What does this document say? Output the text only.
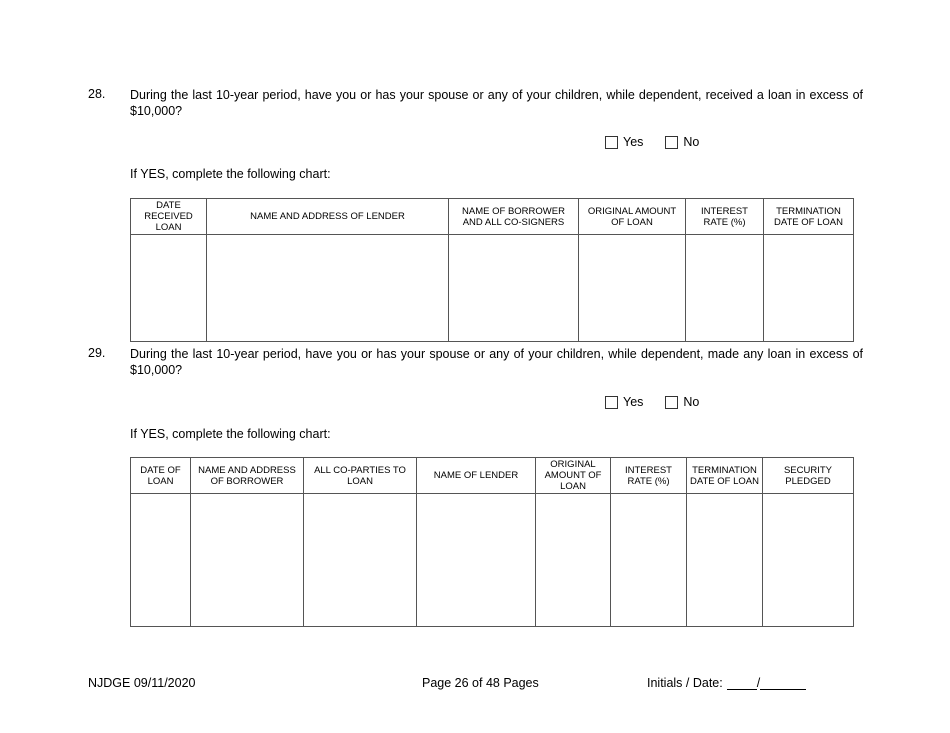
28. During the last 10-year period, have you or has your spouse or any of your children, while dependent, received a loan in excess of $10,000?
Yes	No
If YES, complete the following chart:
DATE RECEIVED LOAN	NAME AND ADDRESS OF LENDER	NAME OF BORROWER AND ALL CO-SIGNERS	ORIGINAL AMOUNT OF LOAN	INTEREST RATE (%)	TERMINATION DATE OF LOAN

29. During the last 10-year period, have you or has your spouse or any of your children, while dependent, made any loan in excess of $10,000?
Yes	No
If YES, complete the following chart:
DATE OF LOAN	NAME AND ADDRESS OF BORROWER	ALL CO-PARTIES TO LOAN	NAME OF LENDER	ORIGINAL AMOUNT OF LOAN	INTEREST RATE (%)	TERMINATION DATE OF LOAN	SECURITY PLEDGED

NJDGE 09/11/2020	Page 26 of 48 Pages	Initials / Date:	/
